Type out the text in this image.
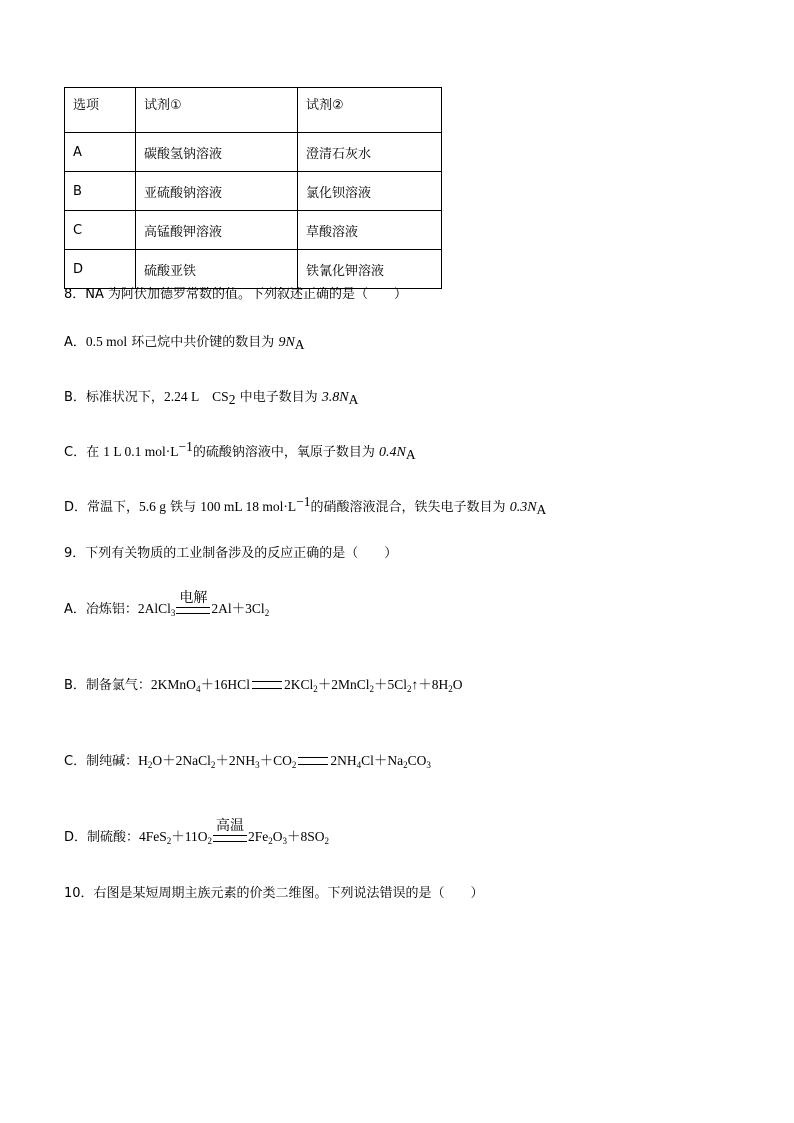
选项	试剂①	试剂②
A	碳酸氢钠溶液	澄清石灰水
B	亚硫酸钠溶液	氯化钡溶液
C	高锰酸钾溶液	草酸溶液
D	硫酸亚铁	铁氰化钾溶液
8．NA 为阿伏加德罗常数的值。下列叙述正确的是（　　）
A．0.5 mol 环己烷中共价键的数目为 $9N_A$
B．标准状况下，2.24 L　$CS_2$ 中电子数目为 $3.8N_A$
C．在 1 L 0.1 $mol\cdot L^{-1}$的硫酸钠溶液中，氧原子数目为 $0.4N_A$
D．常温下，5.6 g 铁与 100 mL 18 $mol\cdot L^{-1}$的硝酸溶液混合，铁失电子数目为 $0.3N_A$
9．下列有关物质的工业制备涉及的反应正确的是（　　）
A．冶炼铝：2AlCl$_3$
电解
$2Al+3Cl_2$
B．制备氯气：2KMnO$_4$＋16HCl	$2KCl_2+2MnCl_2+5Cl_2↑+8H_2O$
C．制纯碱：$H_2O+2NaCl_2+2NH_3+CO_2$	$2NH_4Cl+Na_2CO_3$
D．制硫酸：$4FeS_2+11O_2$
高温
$2Fe_2O_3+8SO_2$
10．右图是某短周期主族元素的价类二维图。下列说法错误的是（　　）
